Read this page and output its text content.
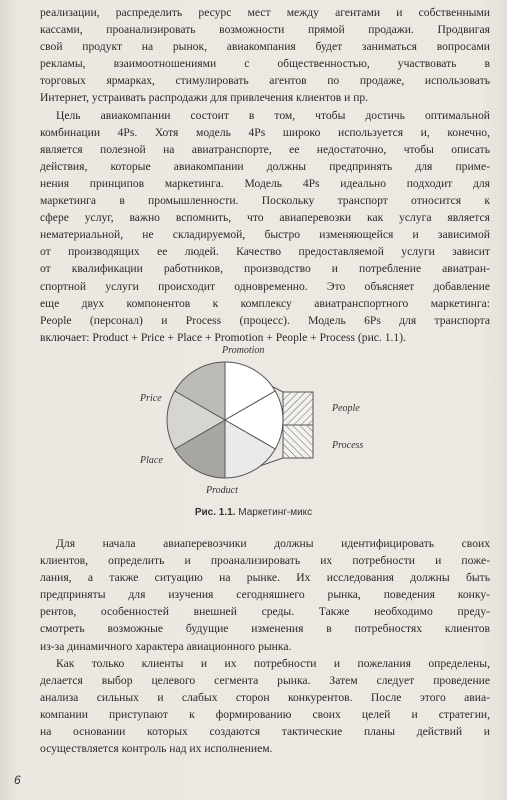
реализации, распределить ресурс мест между агентами и собственными
кассами, проанализировать возможности прямой продажи. Продвигая
свой продукт на рынок, авиакомпания будет заниматься вопросами
рекламы, взаимоотношениями с общественностью, участвовать в
торговых ярмарках, стимулировать агентов по продаже, использовать
Интернет, устраивать распродажи для привлечения клиентов и пр.
Цель авиакомпании состоит в том, чтобы достичь оптимальной
комбинации 4Ps. Хотя модель 4Ps широко используется и, конечно,
является полезной на авиатранспорте, ее недостаточно, чтобы описать
действия, которые авиакомпании должны предпринять для приме-
нения принципов маркетинга. Модель 4Ps идеально подходит для
маркетинга в промышленности. Поскольку транспорт относится к
сфере услуг, важно вспомнить, что авиаперевозки как услуга является
нематериальной, не складируемой, быстро изменяющейся и зависимой
от производящих ее людей. Качество предоставляемой услуги зависит
от квалификации работников, производство и потребление авиатран-
спортной услуги происходит одновременно. Это объясняет добавление
еще двух компонентов к комплексу авиатранспортного маркетинга:
People (персонал) и Process (процесс). Модель 6Ps для транспорта
включает: Product + Price + Place + Promotion + People + Process (рис. 1.1).
Promotion
Price
Place
Product
People
Process
Рис. 1.1. Маркетинг-микс
Для начала авиаперевозчики должны идентифицировать своих
клиентов, определить и проанализировать их потребности и поже-
лания, а также ситуацию на рынке. Их исследования должны быть
предприняты для изучения сегодняшнего рынка, поведения конку-
рентов, особенностей внешней среды. Также необходимо преду-
смотреть возможные будущие изменения в потребностях клиентов
из-за динамичного характера авиационного рынка.
Как только клиенты и их потребности и пожелания определены,
делается выбор целевого сегмента рынка. Затем следует проведение
анализа сильных и слабых сторон конкурентов. После этого авиа-
компании приступают к формированию своих целей и стратегии,
на основании которых создаются тактические планы действий и
осуществляется контроль над их исполнением.
6
